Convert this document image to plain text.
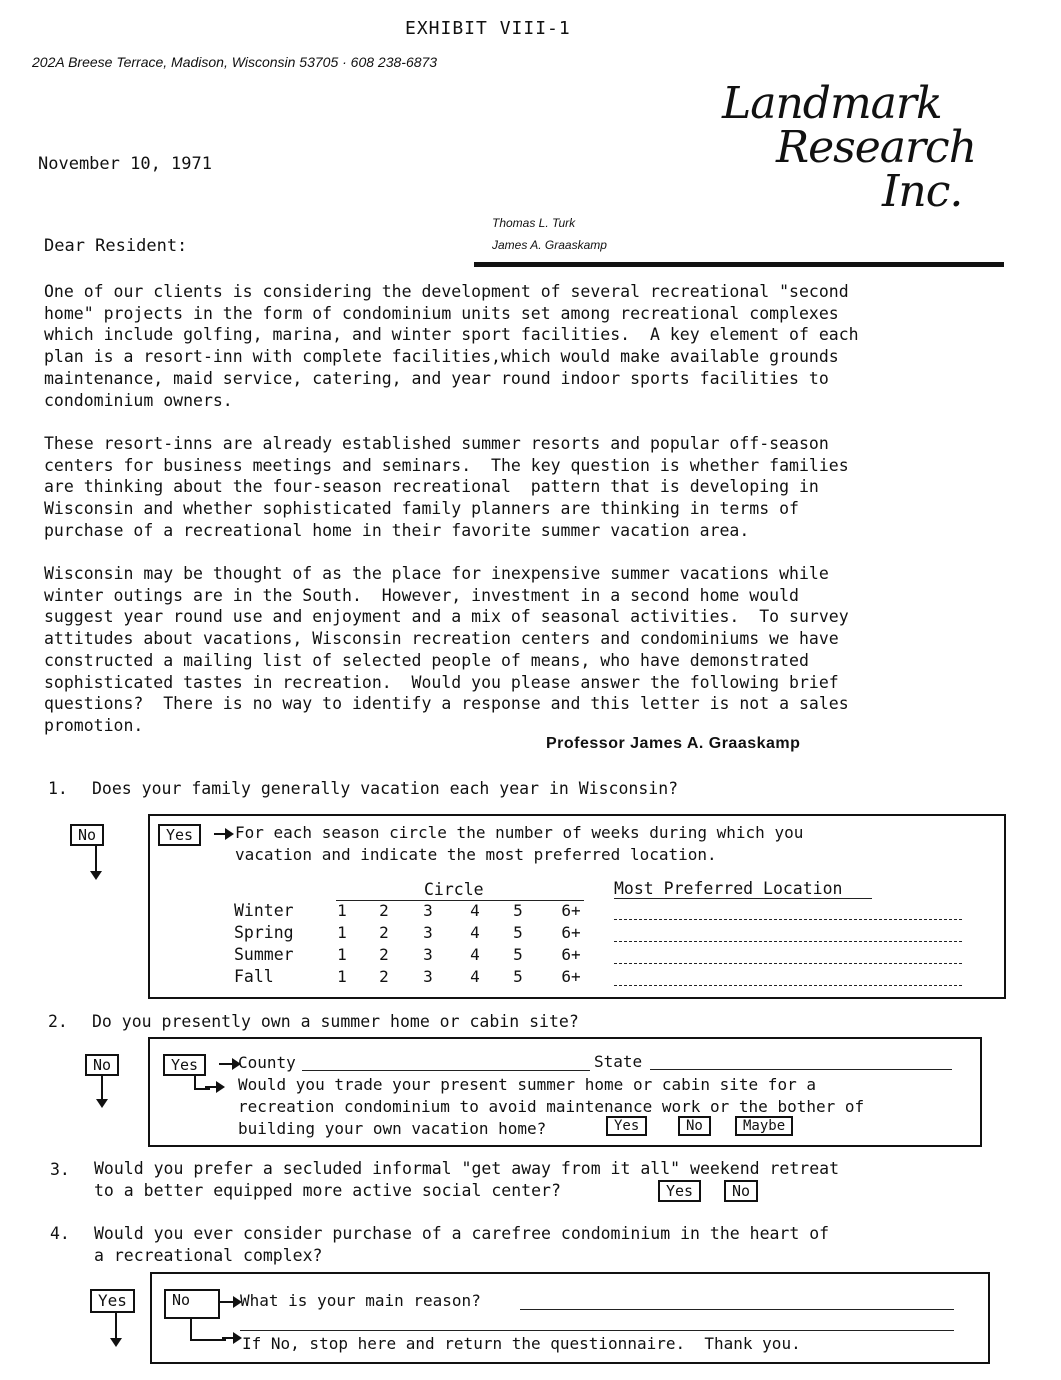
EXHIBIT VIII-1
202A Breese Terrace, Madison, Wisconsin 53705 · 608 238-6873
Landmark
Research
Inc.
November 10, 1971
Thomas L. Turk
James A. Graaskamp
Dear Resident:
One of our clients is considering the development of several recreational "second
home" projects in the form of condominium units set among recreational complexes
which include golfing, marina, and winter sport facilities.  A key element of each
plan is a resort-inn with complete facilities,which would make available grounds
maintenance, maid service, catering, and year round indoor sports facilities to
condominium owners.
These resort-inns are already established summer resorts and popular off-season
centers for business meetings and seminars.  The key question is whether families
are thinking about the four-season recreational  pattern that is developing in
Wisconsin and whether sophisticated family planners are thinking in terms of
purchase of a recreational home in their favorite summer vacation area.
Wisconsin may be thought of as the place for inexpensive summer vacations while
winter outings are in the South.  However, investment in a second home would
suggest year round use and enjoyment and a mix of seasonal activities.  To survey
attitudes about vacations, Wisconsin recreation centers and condominiums we have
constructed a mailing list of selected people of means, who have demonstrated
sophisticated tastes in recreation.  Would you please answer the following brief
questions?  There is no way to identify a response and this letter is not a sales
promotion.
Professor James A. Graaskamp
1. Does your family generally vacation each year in Wisconsin?
No	Yes	For each season circle the number of weeks during which you
vacation and indicate the most preferred location.
Circle	Most Preferred Location
Winter	1	2	3	4	5	6+
Spring	1	2	3	4	5	6+
Summer	1	2	3	4	5	6+
Fall	1	2	3	4	5	6+
2. Do you presently own a summer home or cabin site?
No	Yes	County	State
Would you trade your present summer home or cabin site for a
recreation condominium to avoid maintenance work or the bother of
building your own vacation home?	Yes	No	Maybe
3. Would you prefer a secluded informal "get away from it all" weekend retreat
to a better equipped more active social center?	Yes	No
4. Would you ever consider purchase of a carefree condominium in the heart of
a recreational complex?
Yes	No	What is your main reason?
If No, stop here and return the questionnaire.  Thank you.
